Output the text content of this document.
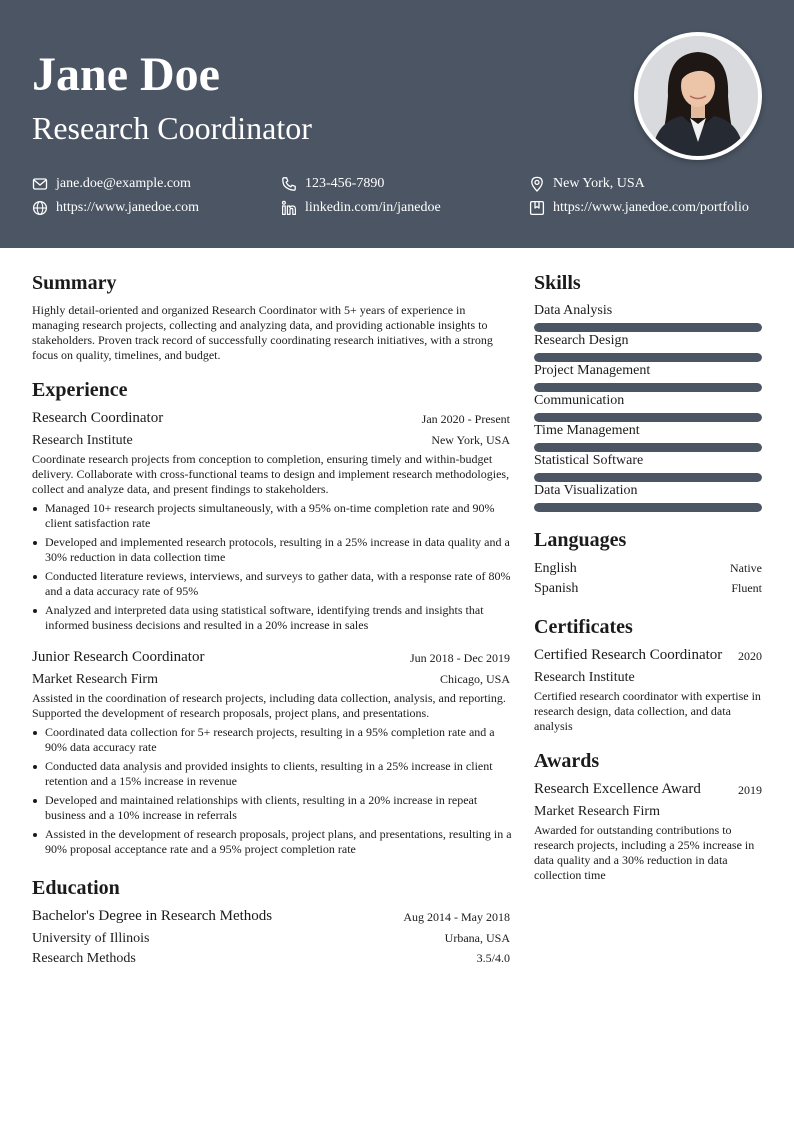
Jane Doe
Research Coordinator
jane.doe@example.com	123-456-7890	New York, USA
https://www.janedoe.com	linkedin.com/in/janedoe	https://www.janedoe.com/portfolio
Summary
Highly detail-oriented and organized Research Coordinator with 5+ years of experience in managing research projects, collecting and analyzing data, and providing actionable insights to stakeholders. Proven track record of successfully coordinating research initiatives, with a strong focus on quality, timelines, and budget.
Experience
Research Coordinator	Jan 2020 - Present
Research Institute	New York, USA
Coordinate research projects from conception to completion, ensuring timely and within-budget delivery. Collaborate with cross-functional teams to design and implement research methodologies, collect and analyze data, and present findings to stakeholders.
Managed 10+ research projects simultaneously, with a 95% on-time completion rate and 90% client satisfaction rate
Developed and implemented research protocols, resulting in a 25% increase in data quality and a 30% reduction in data collection time
Conducted literature reviews, interviews, and surveys to gather data, with a response rate of 80% and a data accuracy rate of 95%
Analyzed and interpreted data using statistical software, identifying trends and insights that informed business decisions and resulted in a 20% increase in sales
Junior Research Coordinator	Jun 2018 - Dec 2019
Market Research Firm	Chicago, USA
Assisted in the coordination of research projects, including data collection, analysis, and reporting. Supported the development of research proposals, project plans, and presentations.
Coordinated data collection for 5+ research projects, resulting in a 95% completion rate and a 90% data accuracy rate
Conducted data analysis and provided insights to clients, resulting in a 25% increase in client retention and a 15% increase in revenue
Developed and maintained relationships with clients, resulting in a 20% increase in repeat business and a 10% increase in referrals
Assisted in the development of research proposals, project plans, and presentations, resulting in a 90% proposal acceptance rate and a 95% project completion rate
Education
Bachelor's Degree in Research Methods	Aug 2014 - May 2018
University of Illinois	Urbana, USA
Research Methods	3.5/4.0
Skills
Data Analysis
Research Design
Project Management
Communication
Time Management
Statistical Software
Data Visualization
Languages
English	Native
Spanish	Fluent
Certificates
Certified Research Coordinator 2020
Research Institute
Certified research coordinator with expertise in research design, data collection, and data analysis
Awards
Research Excellence Award	2019
Market Research Firm
Awarded for outstanding contributions to research projects, including a 25% increase in data quality and a 30% reduction in data collection time
